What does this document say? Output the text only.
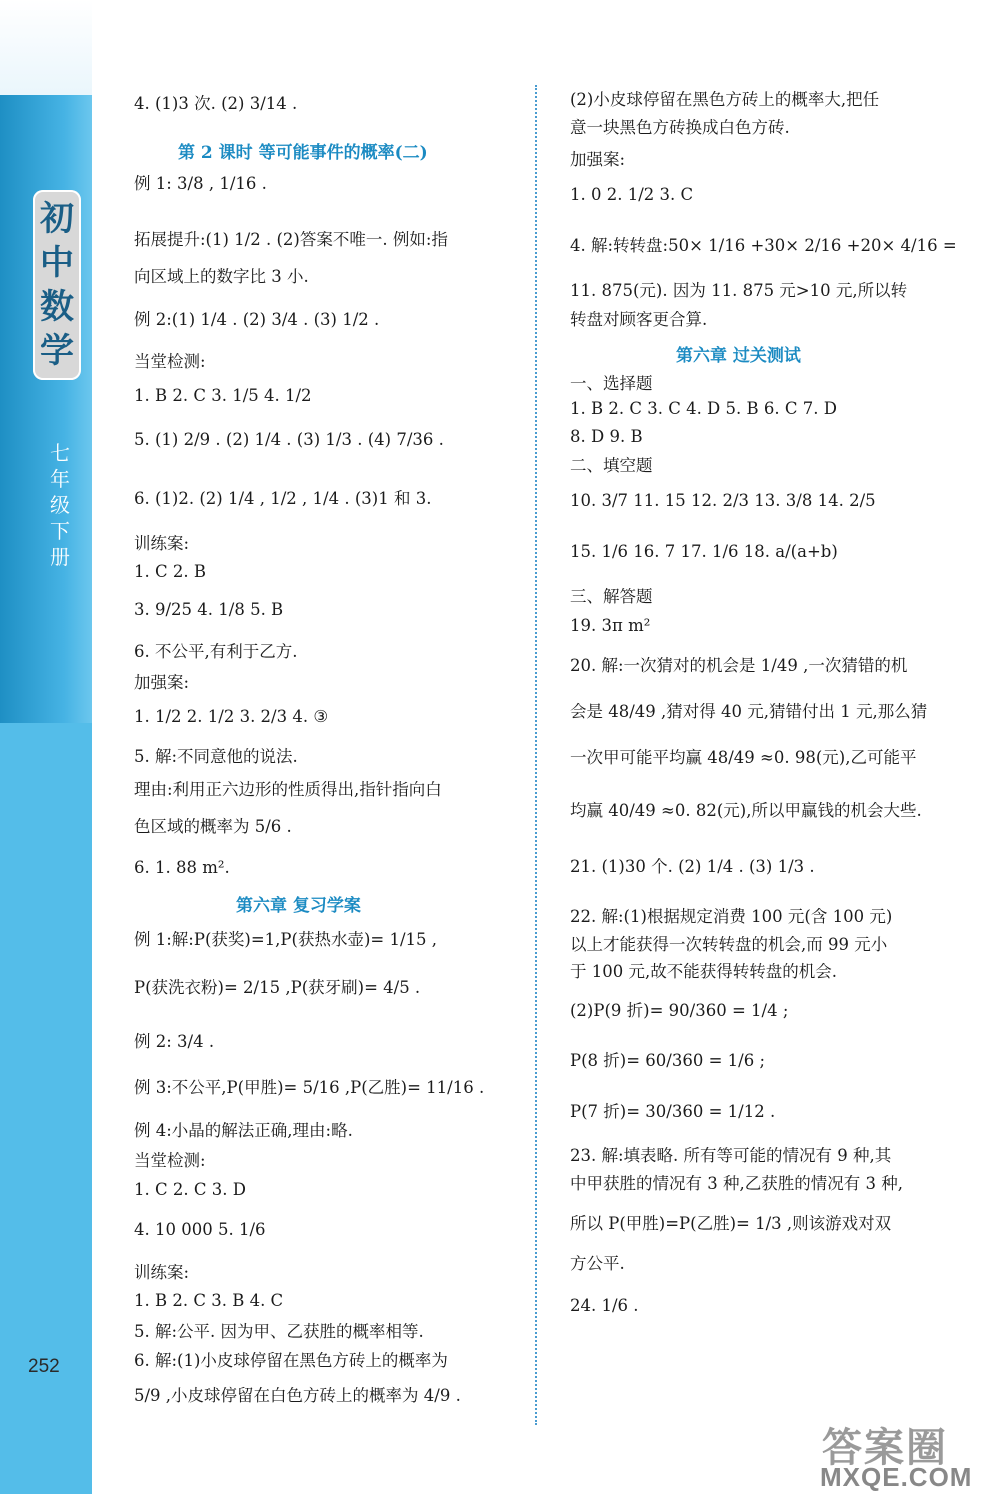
初中数学
七年级 下册
252
4. (1)3 次. (2) 3/14 .
第 2 课时 等可能事件的概率(二)
例 1: 3/8 , 1/16 .
拓展提升:(1) 1/2 . (2)答案不唯一. 例如:指
向区域上的数字比 3 小.
例 2:(1) 1/4 . (2) 3/4 . (3) 1/2 .
当堂检测:
1. B 2. C 3. 1/5 4. 1/2
5. (1) 2/9 . (2) 1/4 . (3) 1/3 . (4) 7/36 .
6. (1)2. (2) 1/4 , 1/2 , 1/4 . (3)1 和 3.
训练案:
1. C 2. B
3. 9/25 4. 1/8 5. B
6. 不公平,有利于乙方.
加强案:
1. 1/2 2. 1/2 3. 2/3 4. ③
5. 解:不同意他的说法.
理由:利用正六边形的性质得出,指针指向白
色区域的概率为 5/6 .
6. 1. 88 m².
第六章 复习学案
例 1:解:P(获奖)=1,P(获热水壶)= 1/15 ,
P(获洗衣粉)= 2/15 ,P(获牙刷)= 4/5 .
例 2: 3/4 .
例 3:不公平,P(甲胜)= 5/16 ,P(乙胜)= 11/16 .
例 4:小晶的解法正确,理由:略.
当堂检测:
1. C 2. C 3. D
4. 10 000 5. 1/6
训练案:
1. B 2. C 3. B 4. C
5. 解:公平. 因为甲、乙获胜的概率相等.
6. 解:(1)小皮球停留在黑色方砖上的概率为
5/9 ,小皮球停留在白色方砖上的概率为 4/9 .
(2)小皮球停留在黑色方砖上的概率大,把任
意一块黑色方砖换成白色方砖.
加强案:
1. 0 2. 1/2 3. C
4. 解:转转盘:50× 1/16 +30× 2/16 +20× 4/16 =
11. 875(元). 因为 11. 875 元>10 元,所以转
转盘对顾客更合算.
第六章 过关测试
一、选择题
1. B 2. C 3. C 4. D 5. B 6. C 7. D
8. D 9. B
二、填空题
10. 3/7 11. 15 12. 2/3 13. 3/8 14. 2/5
15. 1/6 16. 7 17. 1/6 18. a/(a+b)
三、解答题
19. 3π m²
20. 解:一次猜对的机会是 1/49 ,一次猜错的机
会是 48/49 ,猜对得 40 元,猜错付出 1 元,那么猜
一次甲可能平均赢 48/49 ≈0. 98(元),乙可能平
均赢 40/49 ≈0. 82(元),所以甲赢钱的机会大些.
21. (1)30 个. (2) 1/4 . (3) 1/3 .
22. 解:(1)根据规定消费 100 元(含 100 元)
以上才能获得一次转转盘的机会,而 99 元小
于 100 元,故不能获得转转盘的机会.
(2)P(9 折)= 90/360 = 1/4 ;
P(8 折)= 60/360 = 1/6 ;
P(7 折)= 30/360 = 1/12 .
23. 解:填表略. 所有等可能的情况有 9 种,其
中甲获胜的情况有 3 种,乙获胜的情况有 3 种,
所以 P(甲胜)=P(乙胜)= 1/3 ,则该游戏对双
方公平.
24. 1/6 .
答案圈
MXQE.COM
